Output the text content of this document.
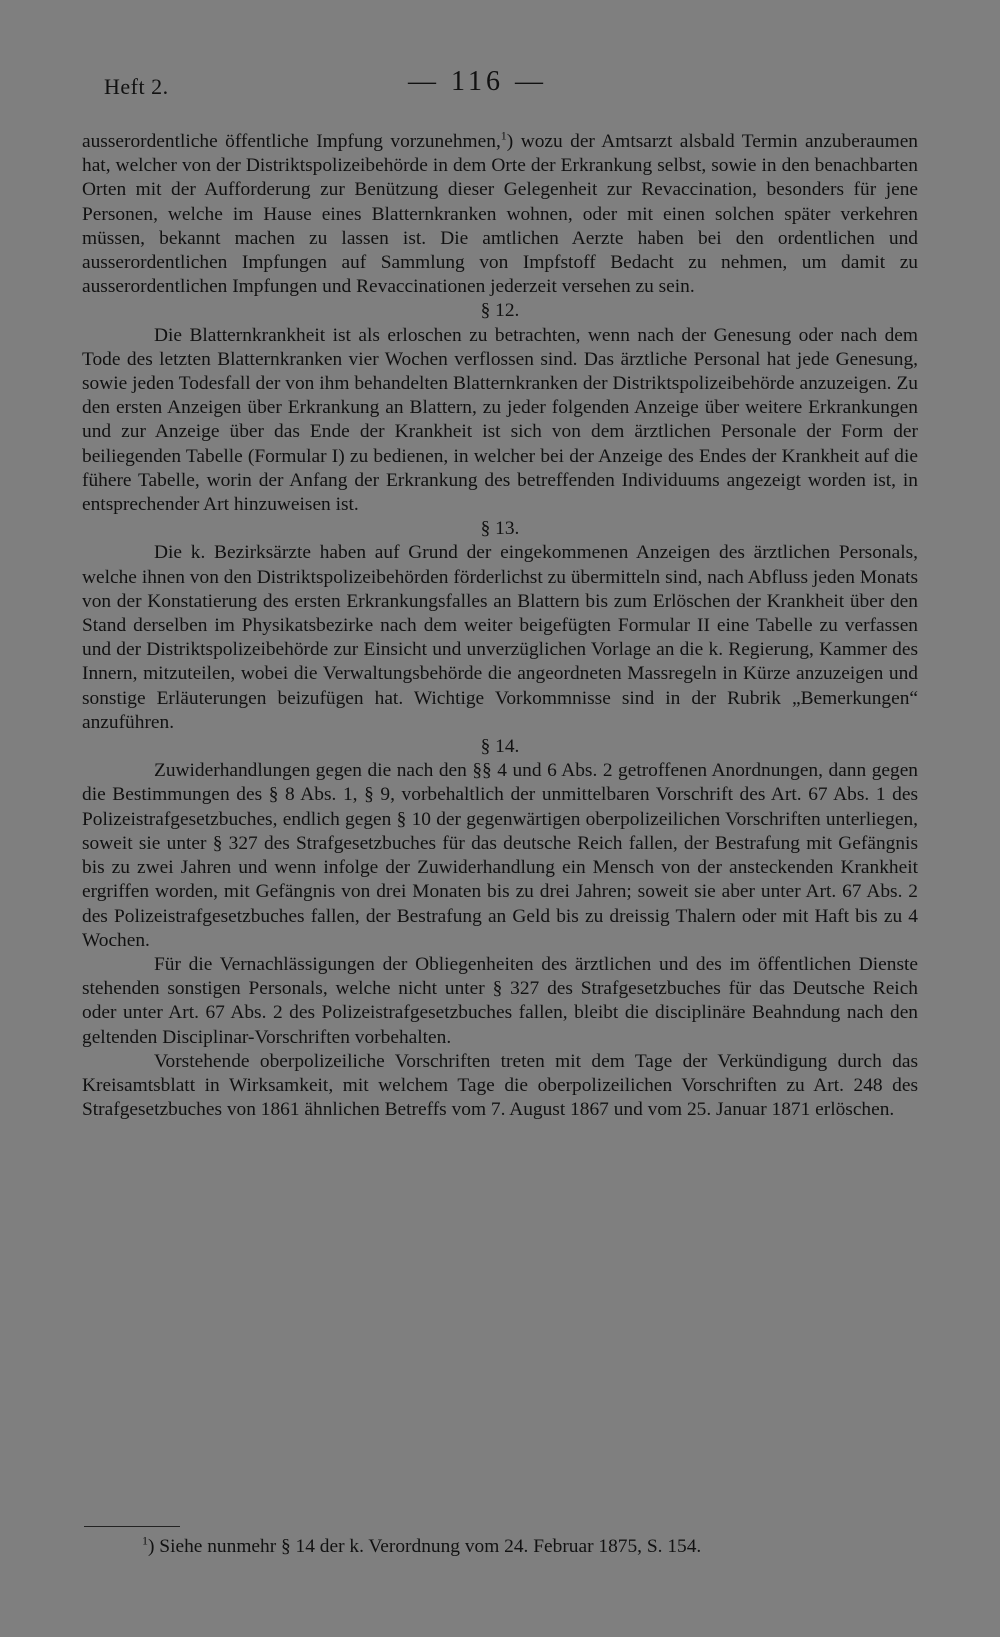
Heft 2.	— 116 —

ausserordentliche öffentliche Impfung vorzunehmen,$^1$) wozu der Amtsarzt alsbald Termin anzuberaumen hat, welcher von der Distriktspolizeibehörde in dem Orte der Erkrankung selbst, sowie in den benachbarten Orten mit der Aufforderung zur Benützung dieser Gelegenheit zur Revaccination, besonders für jene Personen, welche im Hause eines Blatternkranken wohnen, oder mit einen solchen später verkehren müssen, bekannt machen zu lassen ist. Die amtlichen Aerzte haben bei den ordentlichen und ausserordentlichen Impfungen auf Sammlung von Impfstoff Bedacht zu nehmen, um damit zu ausserordentlichen Impfungen und Revaccinationen jederzeit versehen zu sein.

§ 12.

Die Blatternkrankheit ist als erloschen zu betrachten, wenn nach der Genesung oder nach dem Tode des letzten Blatternkranken vier Wochen verflossen sind. Das ärztliche Personal hat jede Genesung, sowie jeden Todesfall der von ihm behandelten Blatternkranken der Distriktspolizeibehörde anzuzeigen. Zu den ersten Anzeigen über Erkrankung an Blattern, zu jeder folgenden Anzeige über weitere Erkrankungen und zur Anzeige über das Ende der Krankheit ist sich von dem ärztlichen Personale der Form der beiliegenden Tabelle (Formular I) zu bedienen, in welcher bei der Anzeige des Endes der Krankheit auf die fühere Tabelle, worin der Anfang der Erkrankung des betreffenden Individuums angezeigt worden ist, in entsprechender Art hinzuweisen ist.

§ 13.

Die k. Bezirksärzte haben auf Grund der eingekommenen Anzeigen des ärztlichen Personals, welche ihnen von den Distriktspolizeibehörden förderlichst zu übermitteln sind, nach Abfluss jeden Monats von der Konstatierung des ersten Erkrankungsfalles an Blattern bis zum Erlöschen der Krankheit über den Stand derselben im Physikatsbezirke nach dem weiter beigefügten Formular II eine Tabelle zu verfassen und der Distriktspolizeibehörde zur Einsicht und unverzüglichen Vorlage an die k. Regierung, Kammer des Innern, mitzuteilen, wobei die Verwaltungsbehörde die angeordneten Massregeln in Kürze anzuzeigen und sonstige Erläuterungen beizufügen hat. Wichtige Vorkommnisse sind in der Rubrik „Bemerkungen“ anzuführen.

§ 14.

Zuwiderhandlungen gegen die nach den §§ 4 und 6 Abs. 2 getroffenen Anordnungen, dann gegen die Bestimmungen des § 8 Abs. 1, § 9, vorbehaltlich der unmittelbaren Vorschrift des Art. 67 Abs. 1 des Polizeistrafgesetzbuches, endlich gegen § 10 der gegenwärtigen oberpolizeilichen Vorschriften unterliegen, soweit sie unter § 327 des Strafgesetzbuches für das deutsche Reich fallen, der Bestrafung mit Gefängnis bis zu zwei Jahren und wenn infolge der Zuwiderhandlung ein Mensch von der ansteckenden Krankheit ergriffen worden, mit Gefängnis von drei Monaten bis zu drei Jahren; soweit sie aber unter Art. 67 Abs. 2 des Polizeistrafgesetzbuches fallen, der Bestrafung an Geld bis zu dreissig Thalern oder mit Haft bis zu 4 Wochen.

Für die Vernachlässigungen der Obliegenheiten des ärztlichen und des im öffentlichen Dienste stehenden sonstigen Personals, welche nicht unter § 327 des Strafgesetzbuches für das Deutsche Reich oder unter Art. 67 Abs. 2 des Polizeistrafgesetzbuches fallen, bleibt die disciplinäre Beahndung nach den geltenden Disciplinar-Vorschriften vorbehalten.

Vorstehende oberpolizeiliche Vorschriften treten mit dem Tage der Verkündigung durch das Kreisamtsblatt in Wirksamkeit, mit welchem Tage die oberpolizeilichen Vorschriften zu Art. 248 des Strafgesetzbuches von 1861 ähnlichen Betreffs vom 7. August 1867 und vom 25. Januar 1871 erlöschen.

$^1$) Siehe nunmehr § 14 der k. Verordnung vom 24. Februar 1875, S. 154.
